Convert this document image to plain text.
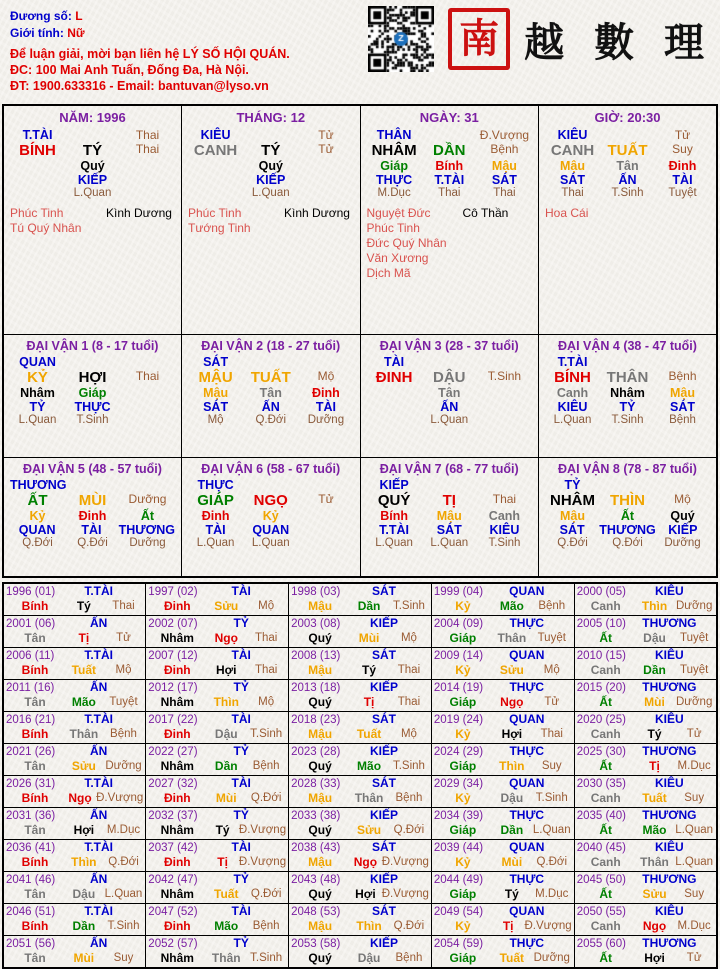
Đương số: L
Giới tính: Nữ
Để luận giải, mời bạn liên hệ LÝ SỐ HỘI QUÁN.
ĐC: 100 Mai Anh Tuấn, Đống Đa, Hà Nội.
ĐT: 1900.633316 - Email: bantuvan@lyso.vn
南 越 數 理
NĂM: 1996
T.TÀI	Thai
BÍNH	TÝ	Thai
Quý
KIẾP
L.Quan
Phúc Tinh	Kình Dương
Tú Quý Nhân

THÁNG: 12
KIÊU	Tử
CANH	TÝ	Tử
Quý
KIẾP
L.Quan
Phúc Tinh	Kình Dương
Tướng Tinh

NGÀY: 31
THÂN	Đ.Vượng
NHÂM	DẦN	Bệnh
Giáp	Bính	Mậu
THỰC	T.TÀI	SÁT
M.Dục	Thai	Thai
Nguyệt Đức	Cô Thần
Phúc Tinh
Đức Quý Nhân
Văn Xương
Dịch Mã

GIỜ: 20:30
KIÊU	Tử
CANH TUẤT	Suy
Mậu	Tân	Đinh
SÁT	ẤN	TÀI
Thai	T.Sinh	Tuyệt
Hoa Cái

ĐẠI VẬN 1 (8 - 17 tuổi)
QUAN
KỶ	HỢI	Thai
Nhâm	Giáp
TỶ	THỰC
L.Quan	T.Sinh

ĐẠI VẬN 2 (18 - 27 tuổi)
SÁT
MẬU	TUẤT	Mộ
Mậu	Tân	Đinh
SÁT	ẤN	TÀI
Mộ	Q.Đới	Dưỡng

ĐẠI VẬN 3 (28 - 37 tuổi)
TÀI
ĐINH	DẬU	T.Sinh
Tân
ẤN
L.Quan

ĐẠI VẬN 4 (38 - 47 tuổi)
T.TÀI
BÍNH	THÂN	Bệnh
Canh	Nhâm	Mậu
KIÊU	TỶ	SÁT
L.Quan	T.Sinh	Bệnh

ĐẠI VẬN 5 (48 - 57 tuổi)
THƯƠNG
ẤT	MÙI	Dưỡng
Kỷ	Đinh	Ất
QUAN	TÀI	THƯƠNG
Q.Đới	Q.Đới	Dưỡng

ĐẠI VẬN 6 (58 - 67 tuổi)
THỰC
GIÁP	NGỌ	Tử
Đinh	Kỷ
TÀI	QUAN
L.Quan	L.Quan

ĐẠI VẬN 7 (68 - 77 tuổi)
KIẾP
QUÝ	TỊ	Thai
Bính	Mậu	Canh
T.TÀI	SÁT	KIÊU
L.Quan	L.Quan	T.Sinh

ĐẠI VẬN 8 (78 - 87 tuổi)
TỶ
NHÂM	THÌN	Mộ
Mậu	Ất	Quý
SÁT	THƯƠNG	KIẾP
Q.Đới	Q.Đới	Dưỡng
1996 (01)	T.TÀI
Bính	Tý	Thai

1997 (02)	TÀI
Đinh	Sửu	Mộ

1998 (03)	SÁT
Mậu	Dần	T.Sinh

1999 (04)	QUAN
Kỷ	Mão	Bệnh

2000 (05)	KIÊU
Canh	Thìn Dưỡng

2001 (06)	ẤN
Tân	Tị	Tử

2002 (07)	TỶ
Nhâm	Ngọ	Thai

2003 (08)	KIẾP
Quý	Mùi	Mộ

2004 (09)	THỰC
Giáp	Thân Tuyệt

2005 (10)	THƯƠNG
Ất	Dậu	Tuyệt

2006 (11)	T.TÀI
Bính	Tuất	Mộ

2007 (12)	TÀI
Đinh	Hợi	Thai

2008 (13)	SÁT
Mậu	Tý	Thai

2009 (14)	QUAN
Kỷ	Sửu	Mộ

2010 (15)	KIÊU
Canh	Dần	Tuyệt

2011 (16)	ẤN
Tân	Mão	Tuyệt

2012 (17)	TỶ
Nhâm	Thìn	Mộ

2013 (18)	KIẾP
Quý	Tị	Thai

2014 (19)	THỰC
Giáp	Ngọ	Tử

2015 (20)	THƯƠNG
Ất	Mùi Dưỡng

2016 (21)	T.TÀI
Bính	Thân	Bệnh

2017 (22)	TÀI
Đinh	Dậu	T.Sinh

2018 (23)	SÁT
Mậu	Tuất	Mộ

2019 (24)	QUAN
Kỷ	Hợi	Thai

2020 (25)	KIÊU
Canh	Tý	Tử

2021 (26)	ẤN
Tân	Sửu Dưỡng

2022 (27)	TỶ
Nhâm	Dần	Bệnh

2023 (28)	KIẾP
Quý	Mão	T.Sinh

2024 (29)	THỰC
Giáp	Thìn	Suy

2025 (30)	THƯƠNG
Ất	Tị	M.Dục

2026 (31)	T.TÀI
Bính	Ngọ Đ.Vượng

2027 (32)	TÀI
Đinh	Mùi	Q.Đới

2028 (33)	SÁT
Mậu	Thân	Bệnh

2029 (34)	QUAN
Kỷ	Dậu	T.Sinh

2030 (35)	KIÊU
Canh	Tuất	Suy

2031 (36)	ẤN
Tân	Hợi	M.Dục

2032 (37)	TỶ
Nhâm	Tý Đ.Vượng

2033 (38)	KIẾP
Quý	Sửu	Q.Đới

2034 (39)	THỰC
Giáp	Dần L.Quan

2035 (40)	THƯƠNG
Ất	Mão L.Quan

2036 (41)	T.TÀI
Bính	Thìn	Q.Đới

2037 (42)	TÀI
Đinh	Tị Đ.Vượng

2038 (43)	SÁT
Mậu	Ngọ Đ.Vượng

2039 (44)	QUAN
Kỷ	Mùi	Q.Đới

2040 (45)	KIÊU
Canh	Thân L.Quan

2041 (46)	ẤN
Tân	Dậu L.Quan

2042 (47)	TỶ
Nhâm	Tuất	Q.Đới

2043 (48)	KIẾP
Quý	Hợi Đ.Vượng

2044 (49)	THỰC
Giáp	Tý	M.Dục

2045 (50)	THƯƠNG
Ất	Sửu	Suy

2046 (51)	T.TÀI
Bính	Dần	T.Sinh

2047 (52)	TÀI
Đinh	Mão	Bệnh

2048 (53)	SÁT
Mậu	Thìn	Q.Đới

2049 (54)	QUAN
Kỷ	Tị Đ.Vượng

2050 (55)	KIÊU
Canh	Ngọ M.Dục

2051 (56)	ẤN
Tân	Mùi	Suy

2052 (57)	TỶ
Nhâm	Thân T.Sinh

2053 (58)	KIẾP
Quý	Dậu	Bệnh

2054 (59)	THỰC
Giáp	Tuất Dưỡng

2055 (60)	THƯƠNG
Ất	Hợi	Tử
